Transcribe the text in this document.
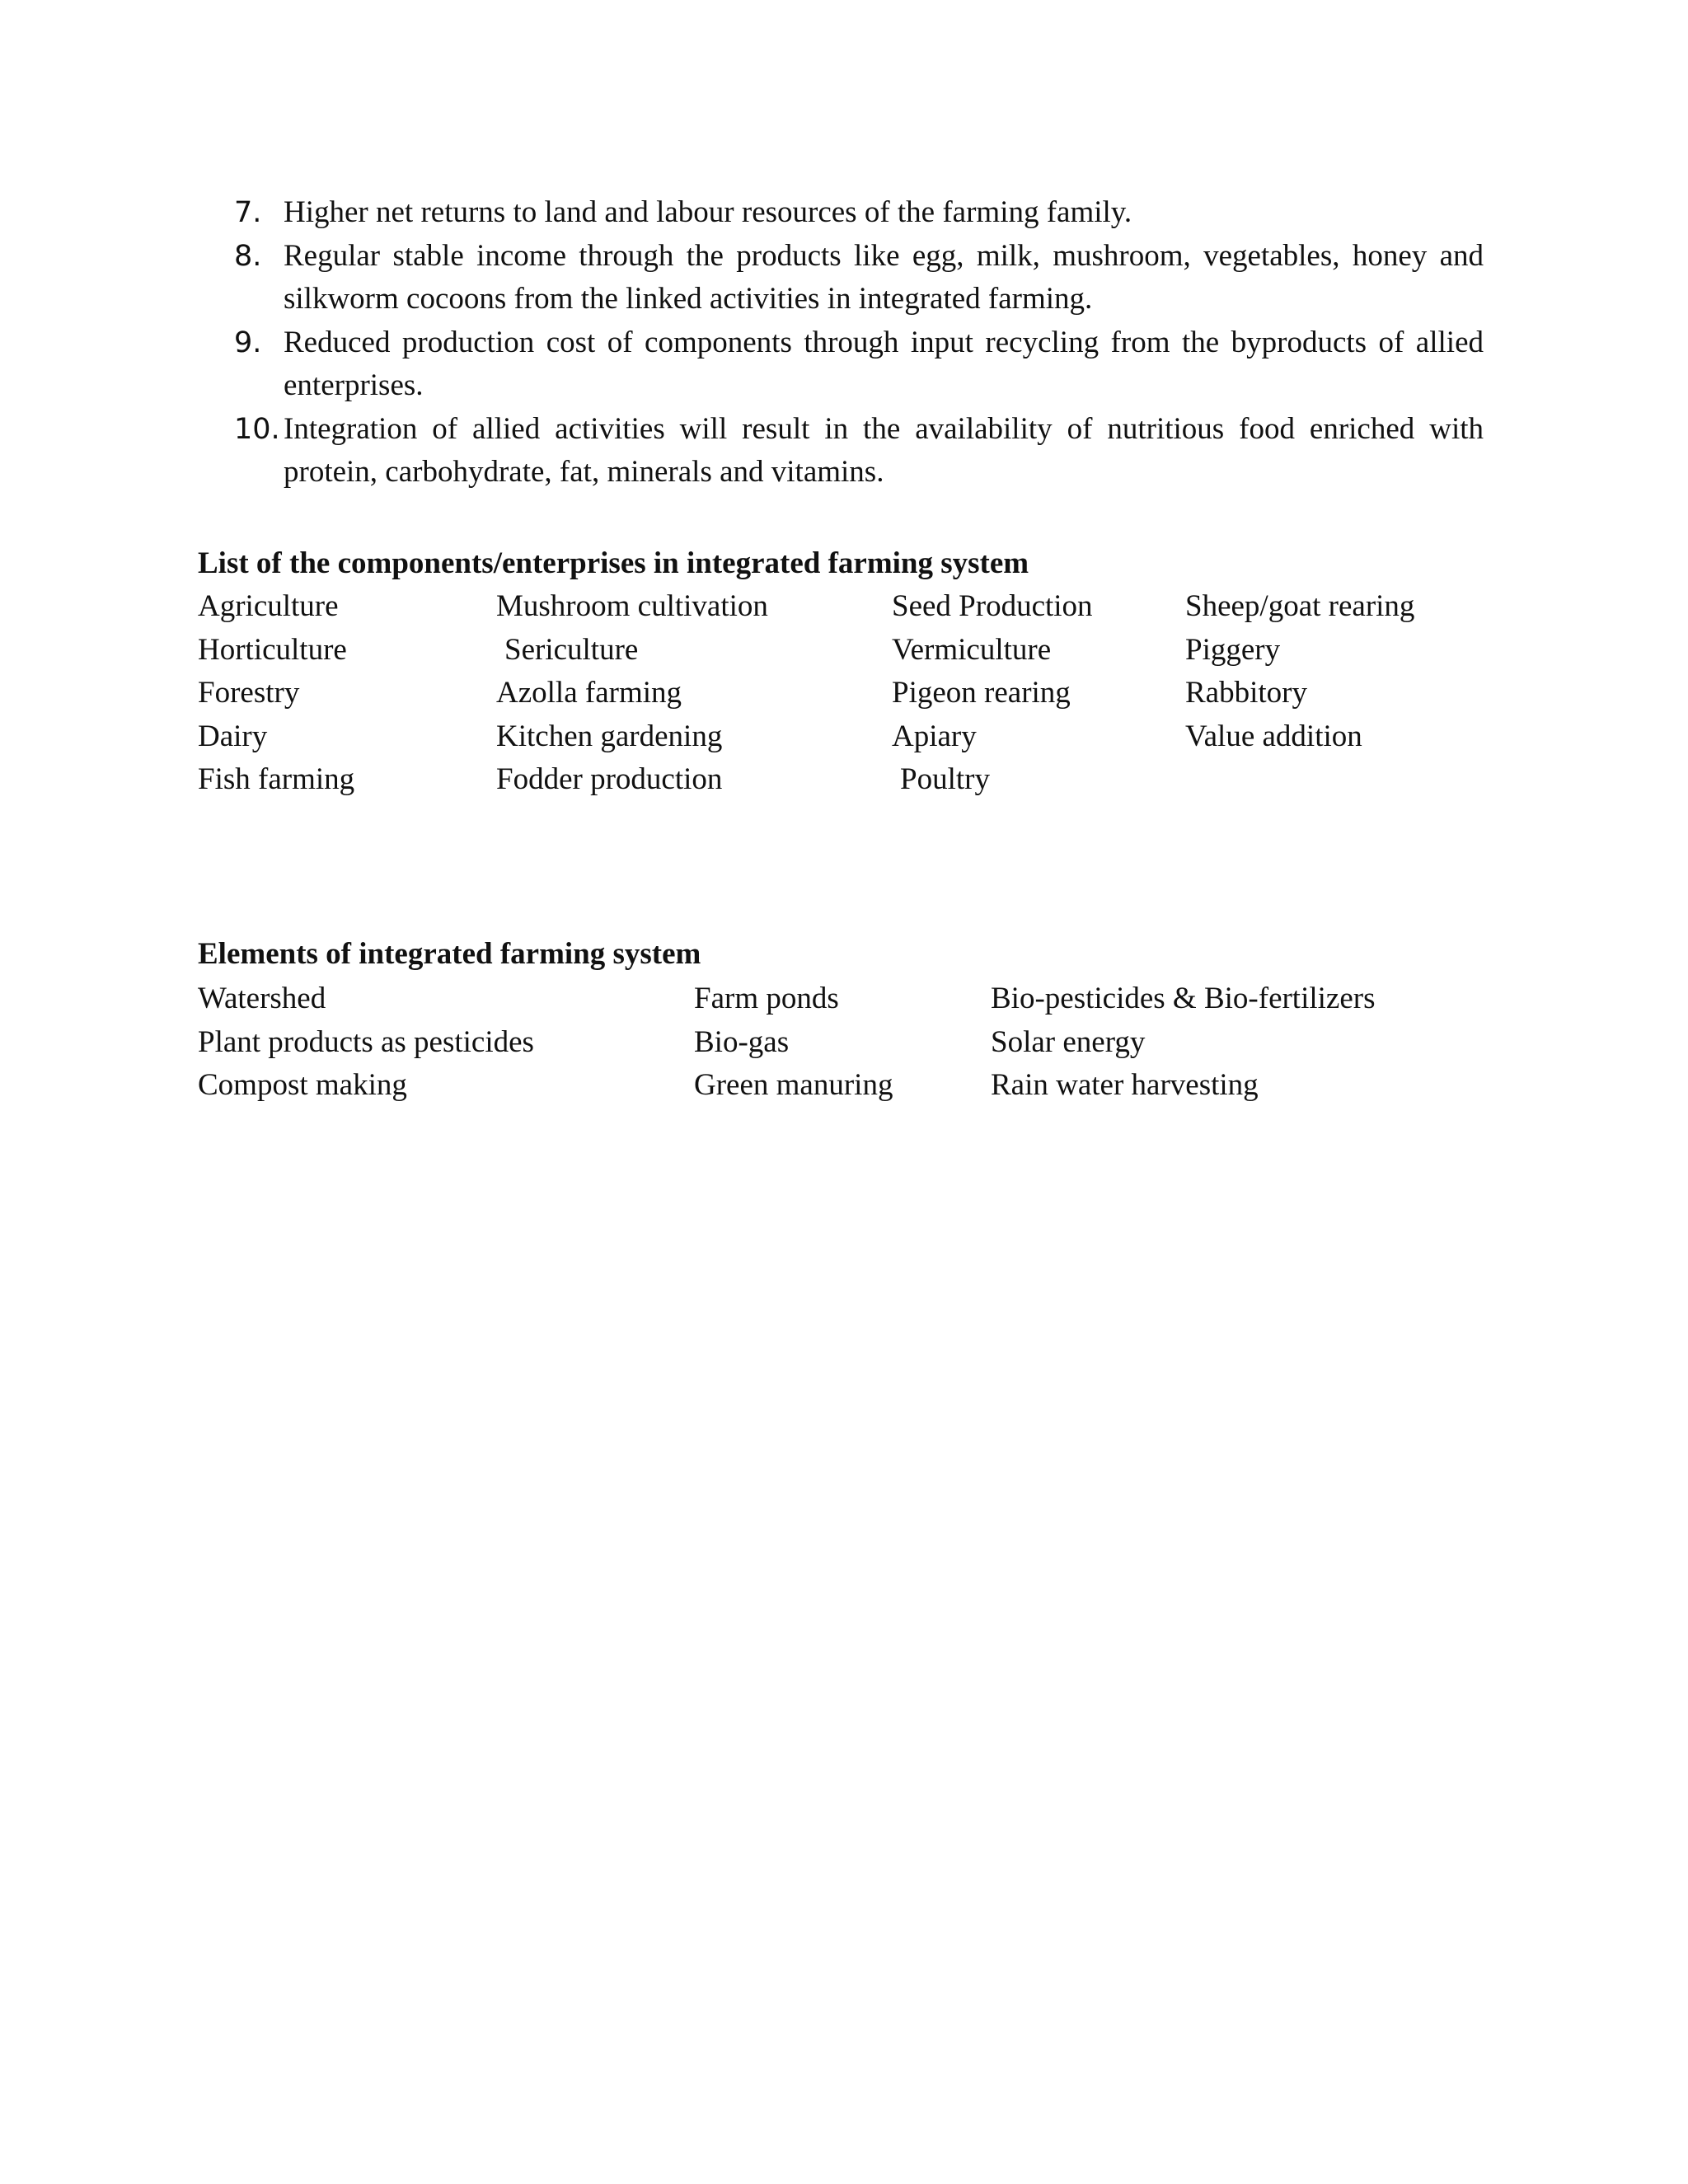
7. Higher net returns to land and labour resources of the farming family.
8. Regular stable income through the products like egg, milk, mushroom, vegetables, honey and silkworm cocoons from the linked activities in integrated farming.
9. Reduced production cost of components through input recycling from the byproducts of allied enterprises.
10. Integration of allied activities will result in the availability of nutritious food enriched with protein, carbohydrate, fat, minerals and vitamins.
List of the components/enterprises in integrated farming system
Agriculture	Mushroom cultivation	Seed Production	Sheep/goat rearing
Horticulture	Sericulture	Vermiculture	Piggery
Forestry	Azolla farming	Pigeon rearing	Rabbitory
Dairy	Kitchen gardening	Apiary	Value addition
Fish farming	Fodder production	Poultry
Elements of integrated farming system
Watershed	Farm ponds	Bio-pesticides & Bio-fertilizers
Plant products as pesticides	Bio-gas	Solar energy
Compost making	Green manuring	Rain water harvesting
